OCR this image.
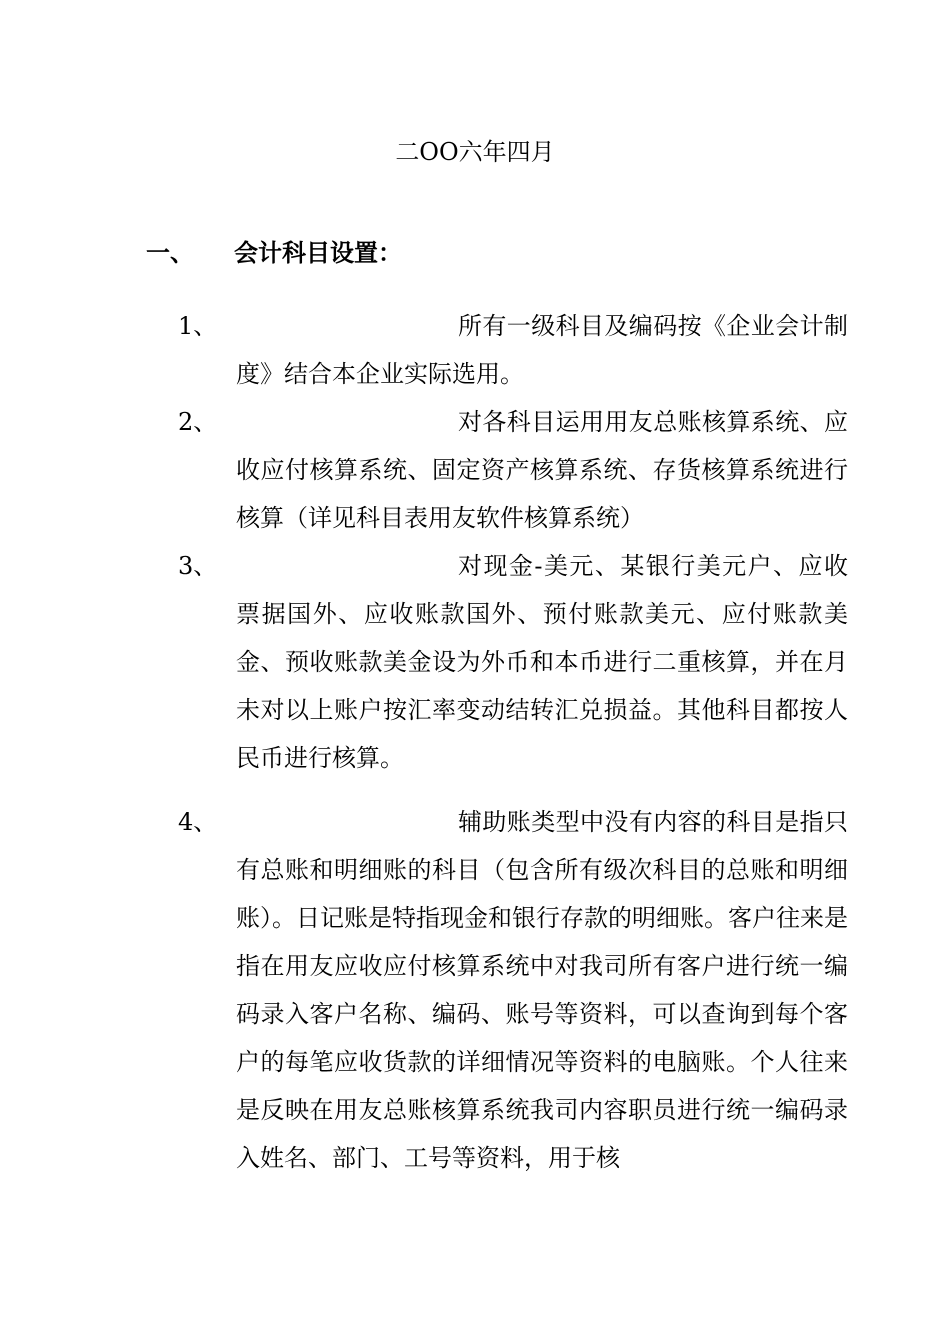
二OO六年四月
一、 会计科目设置：
1、	所有一级科目及编码按《企业会计制度》结合本企业实际选用。
2、	对各科目运用用友总账核算系统、应收应付核算系统、固定资产核算系统、存货核算系统进行核算（详见科目表用友软件核算系统）
3、	对现金-美元、某银行美元户、应收票据国外、应收账款国外、预付账款美元、应付账款美金、预收账款美金设为外币和本币进行二重核算，并在月未对以上账户按汇率变动结转汇兑损益。其他科目都按人民币进行核算。
4、	辅助账类型中没有内容的科目是指只有总账和明细账的科目（包含所有级次科目的总账和明细账）。日记账是特指现金和银行存款的明细账。客户往来是指在用友应收应付核算系统中对我司所有客户进行统一编码录入客户名称、编码、账号等资料，可以查询到每个客户的每笔应收货款的详细情况等资料的电脑账。个人往来是反映在用友总账核算系统我司内容职员进行统一编码录入姓名、部门、工号等资料，用于核
